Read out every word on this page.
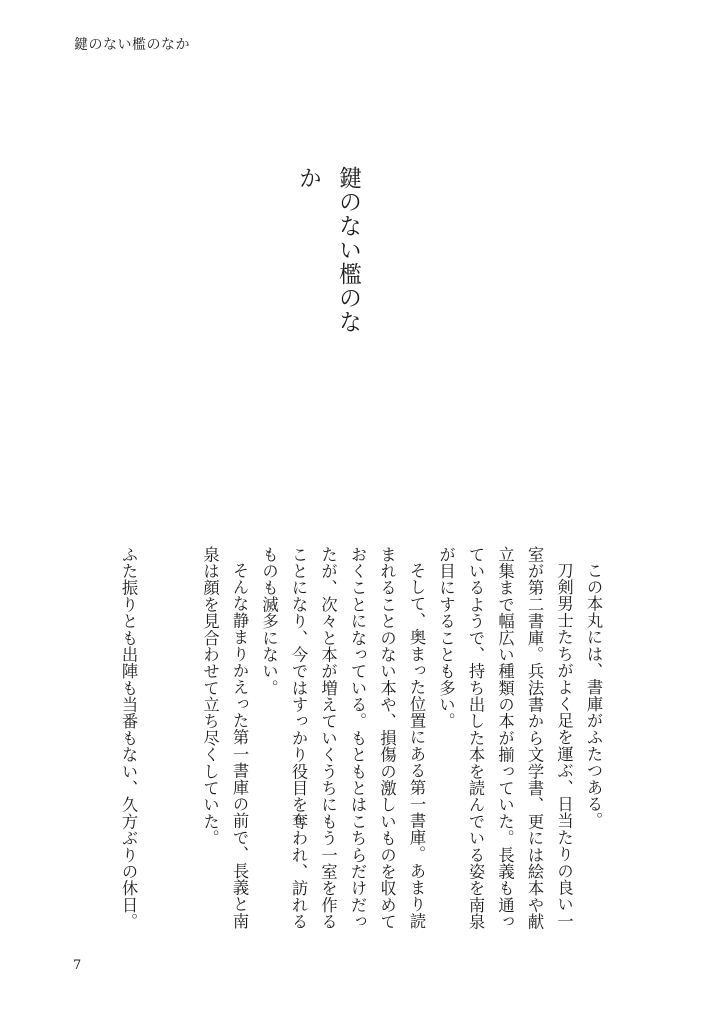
鍵のない檻のなか
鍵のない檻のなか

この本丸には、書庫がふたつある。

刀剣男士たちがよく足を運ぶ、日当たりの良い一室が第二書庫。兵法書から文学書、更には絵本や献立集まで幅広い種類の本が揃っていた。長義も通っているようで、持ち出した本を読んでいる姿を南泉が目にすることも多い。

そして、奥まった位置にある第一書庫。あまり読まれることのない本や、損傷の激しいものを収めておくことになっている。もともとはこちらだけだったが、次々と本が増えていくうちにもう一室を作ることになり、今ではすっかり役目を奪われ、訪れるものも滅多にない。

そんな静まりかえった第一書庫の前で、長義と南泉は顔を見合わせて立ち尽くしていた。

ふた振りとも出陣も当番もない、久方ぶりの休日。

7
